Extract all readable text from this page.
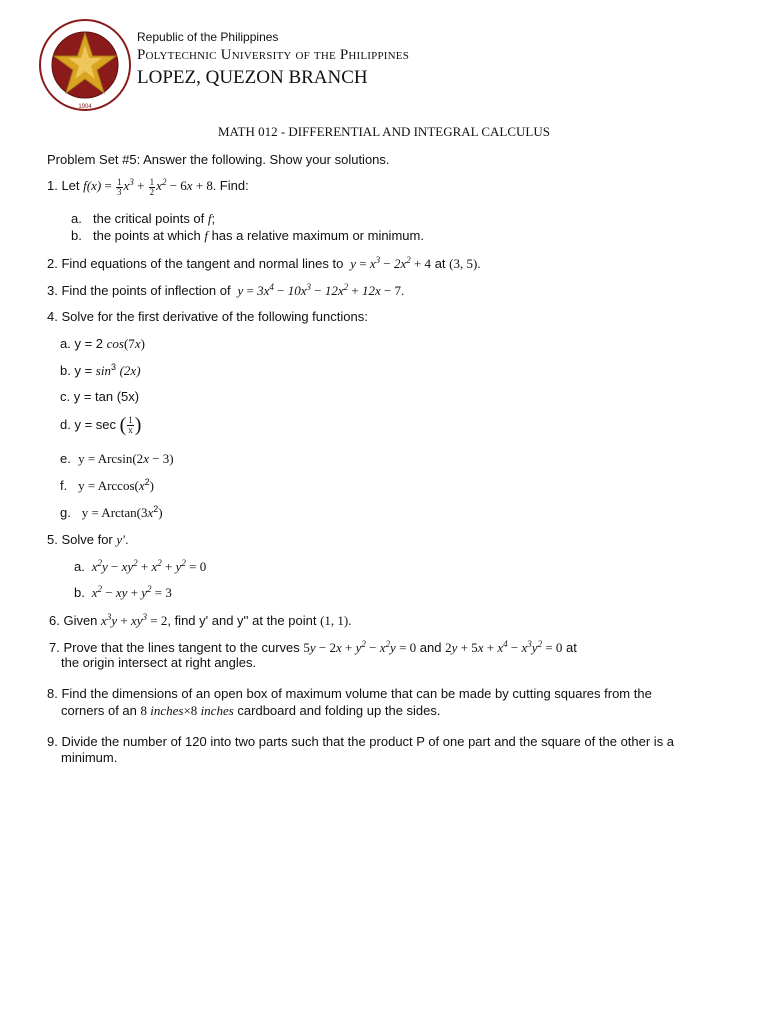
1904
Republic of the Philippines
Polytechnic University of the Philippines
LOPEZ, QUEZON BRANCH
MATH 012 - DIFFERENTIAL AND INTEGRAL CALCULUS
Problem Set #5: Answer the following. Show your solutions.
1. Let $f(x) = \frac{1}{3} x^3 + \frac{1}{2} x^2 - 6x + 8$. Find:
a. the critical points of f;
b. the points at which f has a relative maximum or minimum.
2. Find equations of the tangent and normal lines to  $y = x^3 - 2x^2 + 4$ at (3, 5).
3. Find the points of inflection of  $y = 3x^4 - 10x^3 - 12x^2 + 12x - 7$.
4. Solve for the first derivative of the following functions:
a. y = 2 cos(7x)
b. $y = \sin^3 (2x)$
c. y = tan (5x)
d. y = sec ( $\frac{1}{x}$ )
e. y = Arcsin(2x − 3)
f. $y = Arccos(x^2)$
g. $y = Arctan(3x^2)$
5. Solve for y'.
a.  $x^2y - xy^2 + x^2 + y^2 = 0$
b.  $x^2$ − xy + $y^2 = 3$
6. Given $x^3y + xy^3 = 2$, find y' and y'' at the point (1, 1).
7. Prove that the lines tangent to the curves $5y - 2x + y^2 - x^2y = 0$ and $2y + 5x + x^4 - x^3y^2 = 0$ at
the origin intersect at right angles.
8. Find the dimensions of an open box of maximum volume that can be made by cutting squares from the
corners of an 8 inches×8 inches cardboard and folding up the sides.
9. Divide the number of 120 into two parts such that the product P of one part and the square of the other is a
minimum.
